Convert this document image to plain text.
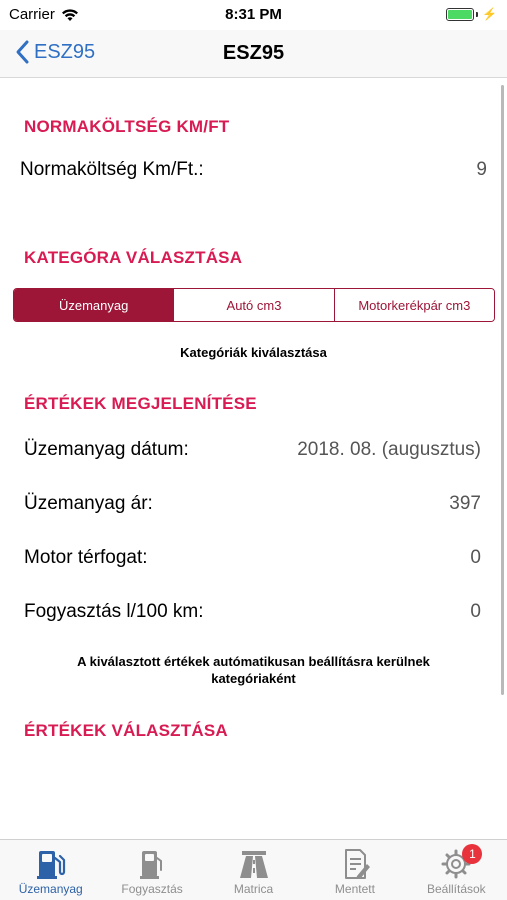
Carrier	8:31 PM	⚡
ESZ95	ESZ95
NORMAKÖLTSÉG KM/FT
Normaköltség Km/Ft.:	9
KATEGÓRA VÁLASZTÁSA
Üzemanyag	Autó cm3	Motorkerékpár cm3
Kategóriák kiválasztása
ÉRTÉKEK MEGJELENÍTÉSE
Üzemanyag dátum:	2018. 08. (augusztus)
Üzemanyag ár:	397
Motor térfogat:	0
Fogyasztás l/100 km:	0
A kiválasztott értékek autómatikusan beállításra kerülnek kategóriaként
ÉRTÉKEK VÁLASZTÁSA
Üzemanyag	Fogyasztás	Matrica	Mentett	Beállítások
1
